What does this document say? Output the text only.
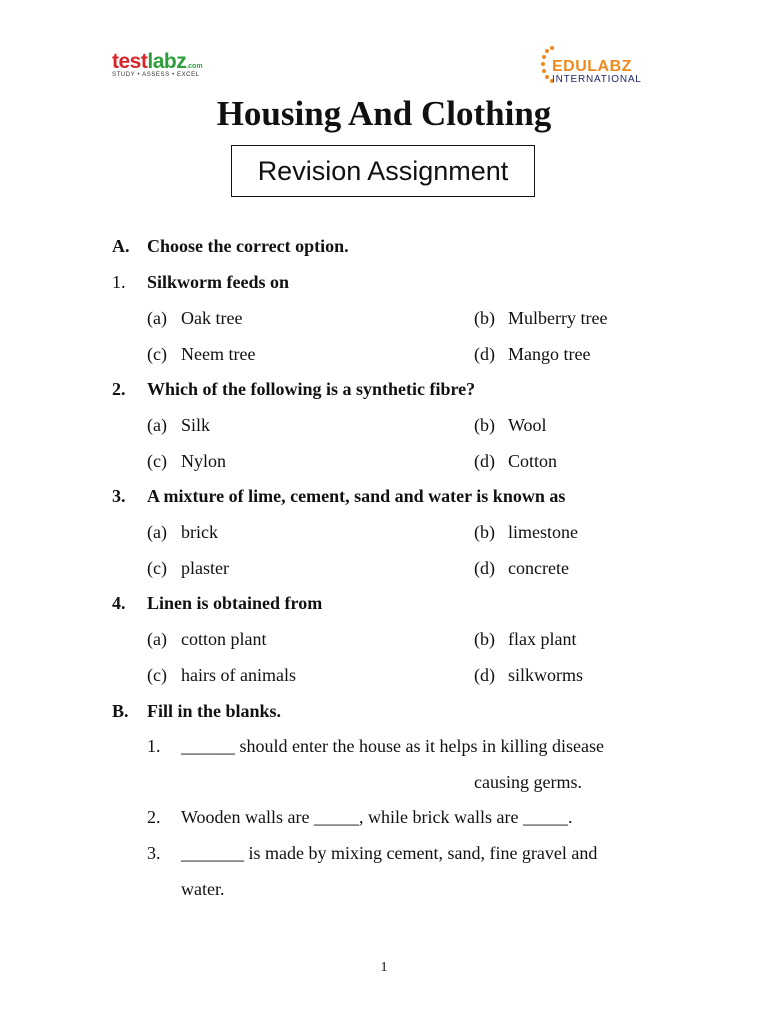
testlabz.com
STUDY • ASSESS • EXCEL	EDULABZ
INTERNATIONAL
Housing And Clothing
Revision Assignment
A. Choose the correct option.
1. Silkworm feeds on
(a) Oak tree	(b) Mulberry tree
(c) Neem tree	(d) Mango tree
2. Which of the following is a synthetic fibre?
(a) Silk	(b) Wool
(c) Nylon	(d) Cotton
3. A mixture of lime, cement, sand and water is known as
(a) brick	(b) limestone
(c) plaster	(d) concrete
4. Linen is obtained from
(a) cotton plant	(b) flax plant
(c) hairs of animals	(d) silkworms
B. Fill in the blanks.
1. ______ should enter the house as it helps in killing disease
causing germs.
2. Wooden walls are _____, while brick walls are _____.
3. _______ is made by mixing cement, sand, fine gravel and
water.
1
